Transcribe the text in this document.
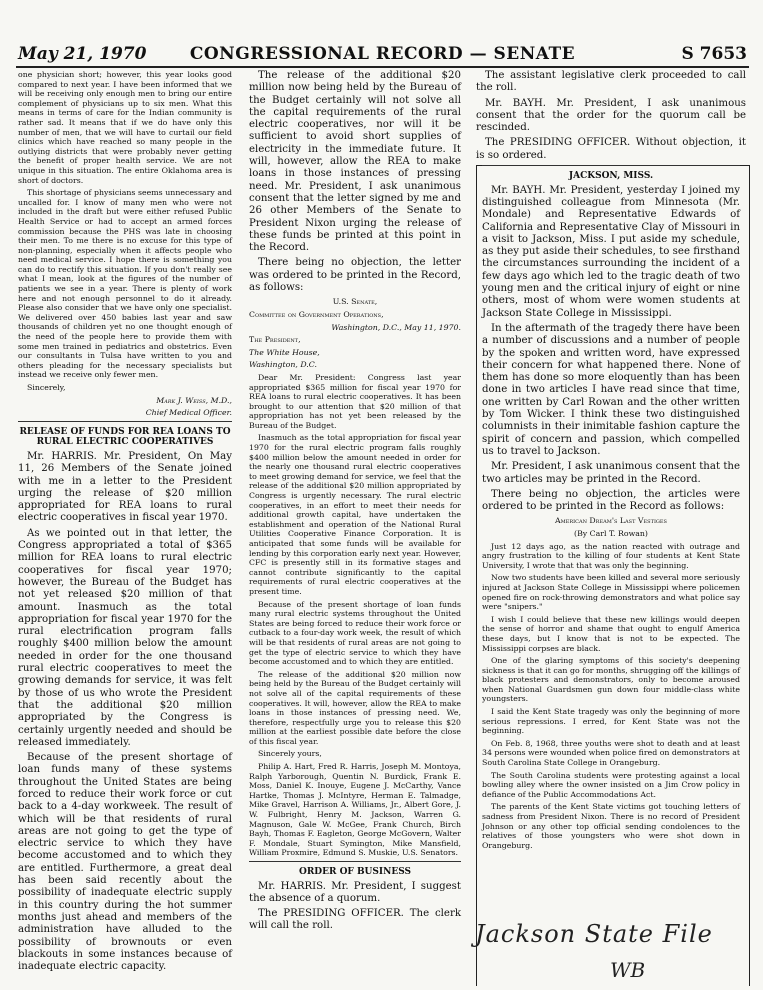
May 21, 1970	CONGRESSIONAL RECORD — SENATE	S 7653

one physician short; however, this year looks good compared to next year. I have been informed that we will be receiving only enough men to bring our entire complement of physicians up to six men. What this means in terms of care for the Indian community is rather sad. It means that if we do have only this number of men, that we will have to curtail our field clinics which have reached so many people in the outlying districts that were probably never getting the benefit of proper health service. We are not unique in this situation. The entire Oklahoma area is short of doctors.

This shortage of physicians seems unnecessary and uncalled for. I know of many men who were not included in the draft but were either refused Public Health Service or had to accept an armed forces commission because the PHS was late in choosing their men. To me there is no excuse for this type of non-planning, especially when it affects people who need medical service. I hope there is something you can do to rectify this situation. If you don't really see what I mean, look at the figures of the number of patients we see in a year. There is plenty of work here and not enough personnel to do it already. Please also consider that we have only one specialist. We delivered over 450 babies last year and saw thousands of children yet no one thought enough of the need of the people here to provide them with some men trained in pediatrics and obstetrics. Even our consultants in Tulsa have written to you and others pleading for the necessary specialists but instead we receive only fewer men.

Sincerely,

Mark J. Weiss, M.D.,

Chief Medical Officer.

RELEASE OF FUNDS FOR REA LOANS TO RURAL ELECTRIC COOPERATIVES

Mr. HARRIS. Mr. President, On May 11, 26 Members of the Senate joined with me in a letter to the President urging the release of $20 million appropriated for REA loans to rural electric cooperatives in fiscal year 1970.

As we pointed out in that letter, the Congress appropriated a total of $365 million for REA loans to rural electric cooperatives for fiscal year 1970; however, the Bureau of the Budget has not yet released $20 million of that amount. Inasmuch as the total appropriation for fiscal year 1970 for the rural electrification program falls roughly $400 million below the amount needed in order for the one thousand rural electric cooperatives to meet the growing demands for service, it was felt by those of us who wrote the President that the additional $20 million appropriated by the Congress is certainly urgently needed and should be released immediately.

Because of the present shortage of loan funds many of these systems throughout the United States are being forced to reduce their work force or cut back to a 4-day workweek. The result of which will be that residents of rural areas are not going to get the type of electric service to which they have become accustomed and to which they are entitled. Furthermore, a great deal has been said recently about the possibility of inadequate electric supply in this country during the hot summer months just ahead and members of the administration have alluded to the possibility of brownouts or even blackouts in some instances because of inadequate electric capacity.

The release of the additional $20 million now being held by the Bureau of the Budget certainly will not solve all the capital requirements of the rural electric cooperatives, nor will it be sufficient to avoid short supplies of electricity in the immediate future. It will, however, allow the REA to make loans in those instances of pressing need. Mr. President, I ask unanimous consent that the letter signed by me and 26 other Members of the Senate to President Nixon urging the release of these funds be printed at this point in the Record.

There being no objection, the letter was ordered to be printed in the Record, as follows:

U.S. Senate,

Committee on Government Operations,

Washington, D.C., May 11, 1970.

The President,

The White House,

Washington, D.C.

Dear Mr. President: Congress last year appropriated $365 million for fiscal year 1970 for REA loans to rural electric cooperatives. It has been brought to our attention that $20 million of that appropriation has not yet been released by the Bureau of the Budget.

Inasmuch as the total appropriation for fiscal year 1970 for the rural electric program falls roughly $400 million below the amount needed in order for the nearly one thousand rural electric cooperatives to meet growing demand for service, we feel that the release of the additional $20 million appropriated by Congress is urgently necessary. The rural electric cooperatives, in an effort to meet their needs for additional growth capital, have undertaken the establishment and operation of the National Rural Utilities Cooperative Finance Corporation. It is anticipated that some funds will be available for lending by this corporation early next year. However, CFC is presently still in its formative stages and cannot contribute significantly to the capital requirements of rural electric cooperatives at the present time.

Because of the present shortage of loan funds many rural electric systems throughout the United States are being forced to reduce their work force or cutback to a four-day work week, the result of which will be that residents of rural areas are not going to get the type of electric service to which they have become accustomed and to which they are entitled.

The release of the additional $20 million now being held by the Bureau of the Budget certainly will not solve all of the capital requirements of these cooperatives. It will, however, allow the REA to make loans in those instances of pressing need. We, therefore, respectfully urge you to release this $20 million at the earliest possible date before the close of this fiscal year.

Sincerely yours,

Philip A. Hart, Fred R. Harris, Joseph M. Montoya, Ralph Yarborough, Quentin N. Burdick, Frank E. Moss, Daniel K. Inouye, Eugene J. McCarthy, Vance Hartke, Thomas J. McIntyre, Herman E. Talmadge, Mike Gravel, Harrison A. Williams, Jr., Albert Gore, J. W. Fulbright, Henry M. Jackson, Warren G. Magnuson, Gale W. McGee, Frank Church, Birch Bayh, Thomas F. Eagleton, George McGovern, Walter F. Mondale, Stuart Symington, Mike Mansfield, William Proxmire, Edmund S. Muskie, U.S. Senators.

ORDER OF BUSINESS

Mr. HARRIS. Mr. President, I suggest the absence of a quorum.

The PRESIDING OFFICER. The clerk will call the roll.

The assistant legislative clerk proceeded to call the roll.

Mr. BAYH. Mr. President, I ask unanimous consent that the order for the quorum call be rescinded.

The PRESIDING OFFICER. Without objection, it is so ordered.

JACKSON, MISS.

Mr. BAYH. Mr. President, yesterday I joined my distinguished colleague from Minnesota (Mr. Mondale) and Representative Edwards of California and Representative Clay of Missouri in a visit to Jackson, Miss. I put aside my schedule, as they put aside their schedules, to see firsthand the circumstances surrounding the incident of a few days ago which led to the tragic death of two young men and the critical injury of eight or nine others, most of whom were women students at Jackson State College in Mississippi.

In the aftermath of the tragedy there have been a number of discussions and a number of people by the spoken and written word, have expressed their concern for what happened there. None of them has done so more eloquently than has been done in two articles I have read since that time, one written by Carl Rowan and the other written by Tom Wicker. I think these two distinguished columnists in their inimitable fashion capture the spirit of concern and passion, which compelled us to travel to Jackson.

Mr. President, I ask unanimous consent that the two articles may be printed in the Record.

There being no objection, the articles were ordered to be printed in the Record as follows:

American Dream's Last Vestiges

(By Carl T. Rowan)

Just 12 days ago, as the nation reacted with outrage and angry frustration to the killing of four students at Kent State University, I wrote that that was only the beginning.

Now two students have been killed and several more seriously injured at Jackson State College in Mississippi where policemen opened fire on rock-throwing demonstrators and what police say were "snipers."

I wish I could believe that these new killings would deepen the sense of horror and shame that ought to engulf America these days, but I know that is not to be expected. The Mississippi corpses are black.

One of the glaring symptoms of this society's deepening sickness is that it can go for months, shrugging off the killings of black protesters and demonstrators, only to become aroused when National Guardsmen gun down four middle-class white youngsters.

I said the Kent State tragedy was only the beginning of more serious repressions. I erred, for Kent State was not the beginning.

On Feb. 8, 1968, three youths were shot to death and at least 34 persons were wounded when police fired on demonstrators at South Carolina State College in Orangeburg.

The South Carolina students were protesting against a local bowling alley where the owner insisted on a Jim Crow policy in defiance of the Public Accommodations Act.

The parents of the Kent State victims got touching letters of sadness from President Nixon. There is no record of President Johnson or any other top official sending condolences to the relatives of those youngsters who were shot down in Orangeburg.

Jackson State File
WB
